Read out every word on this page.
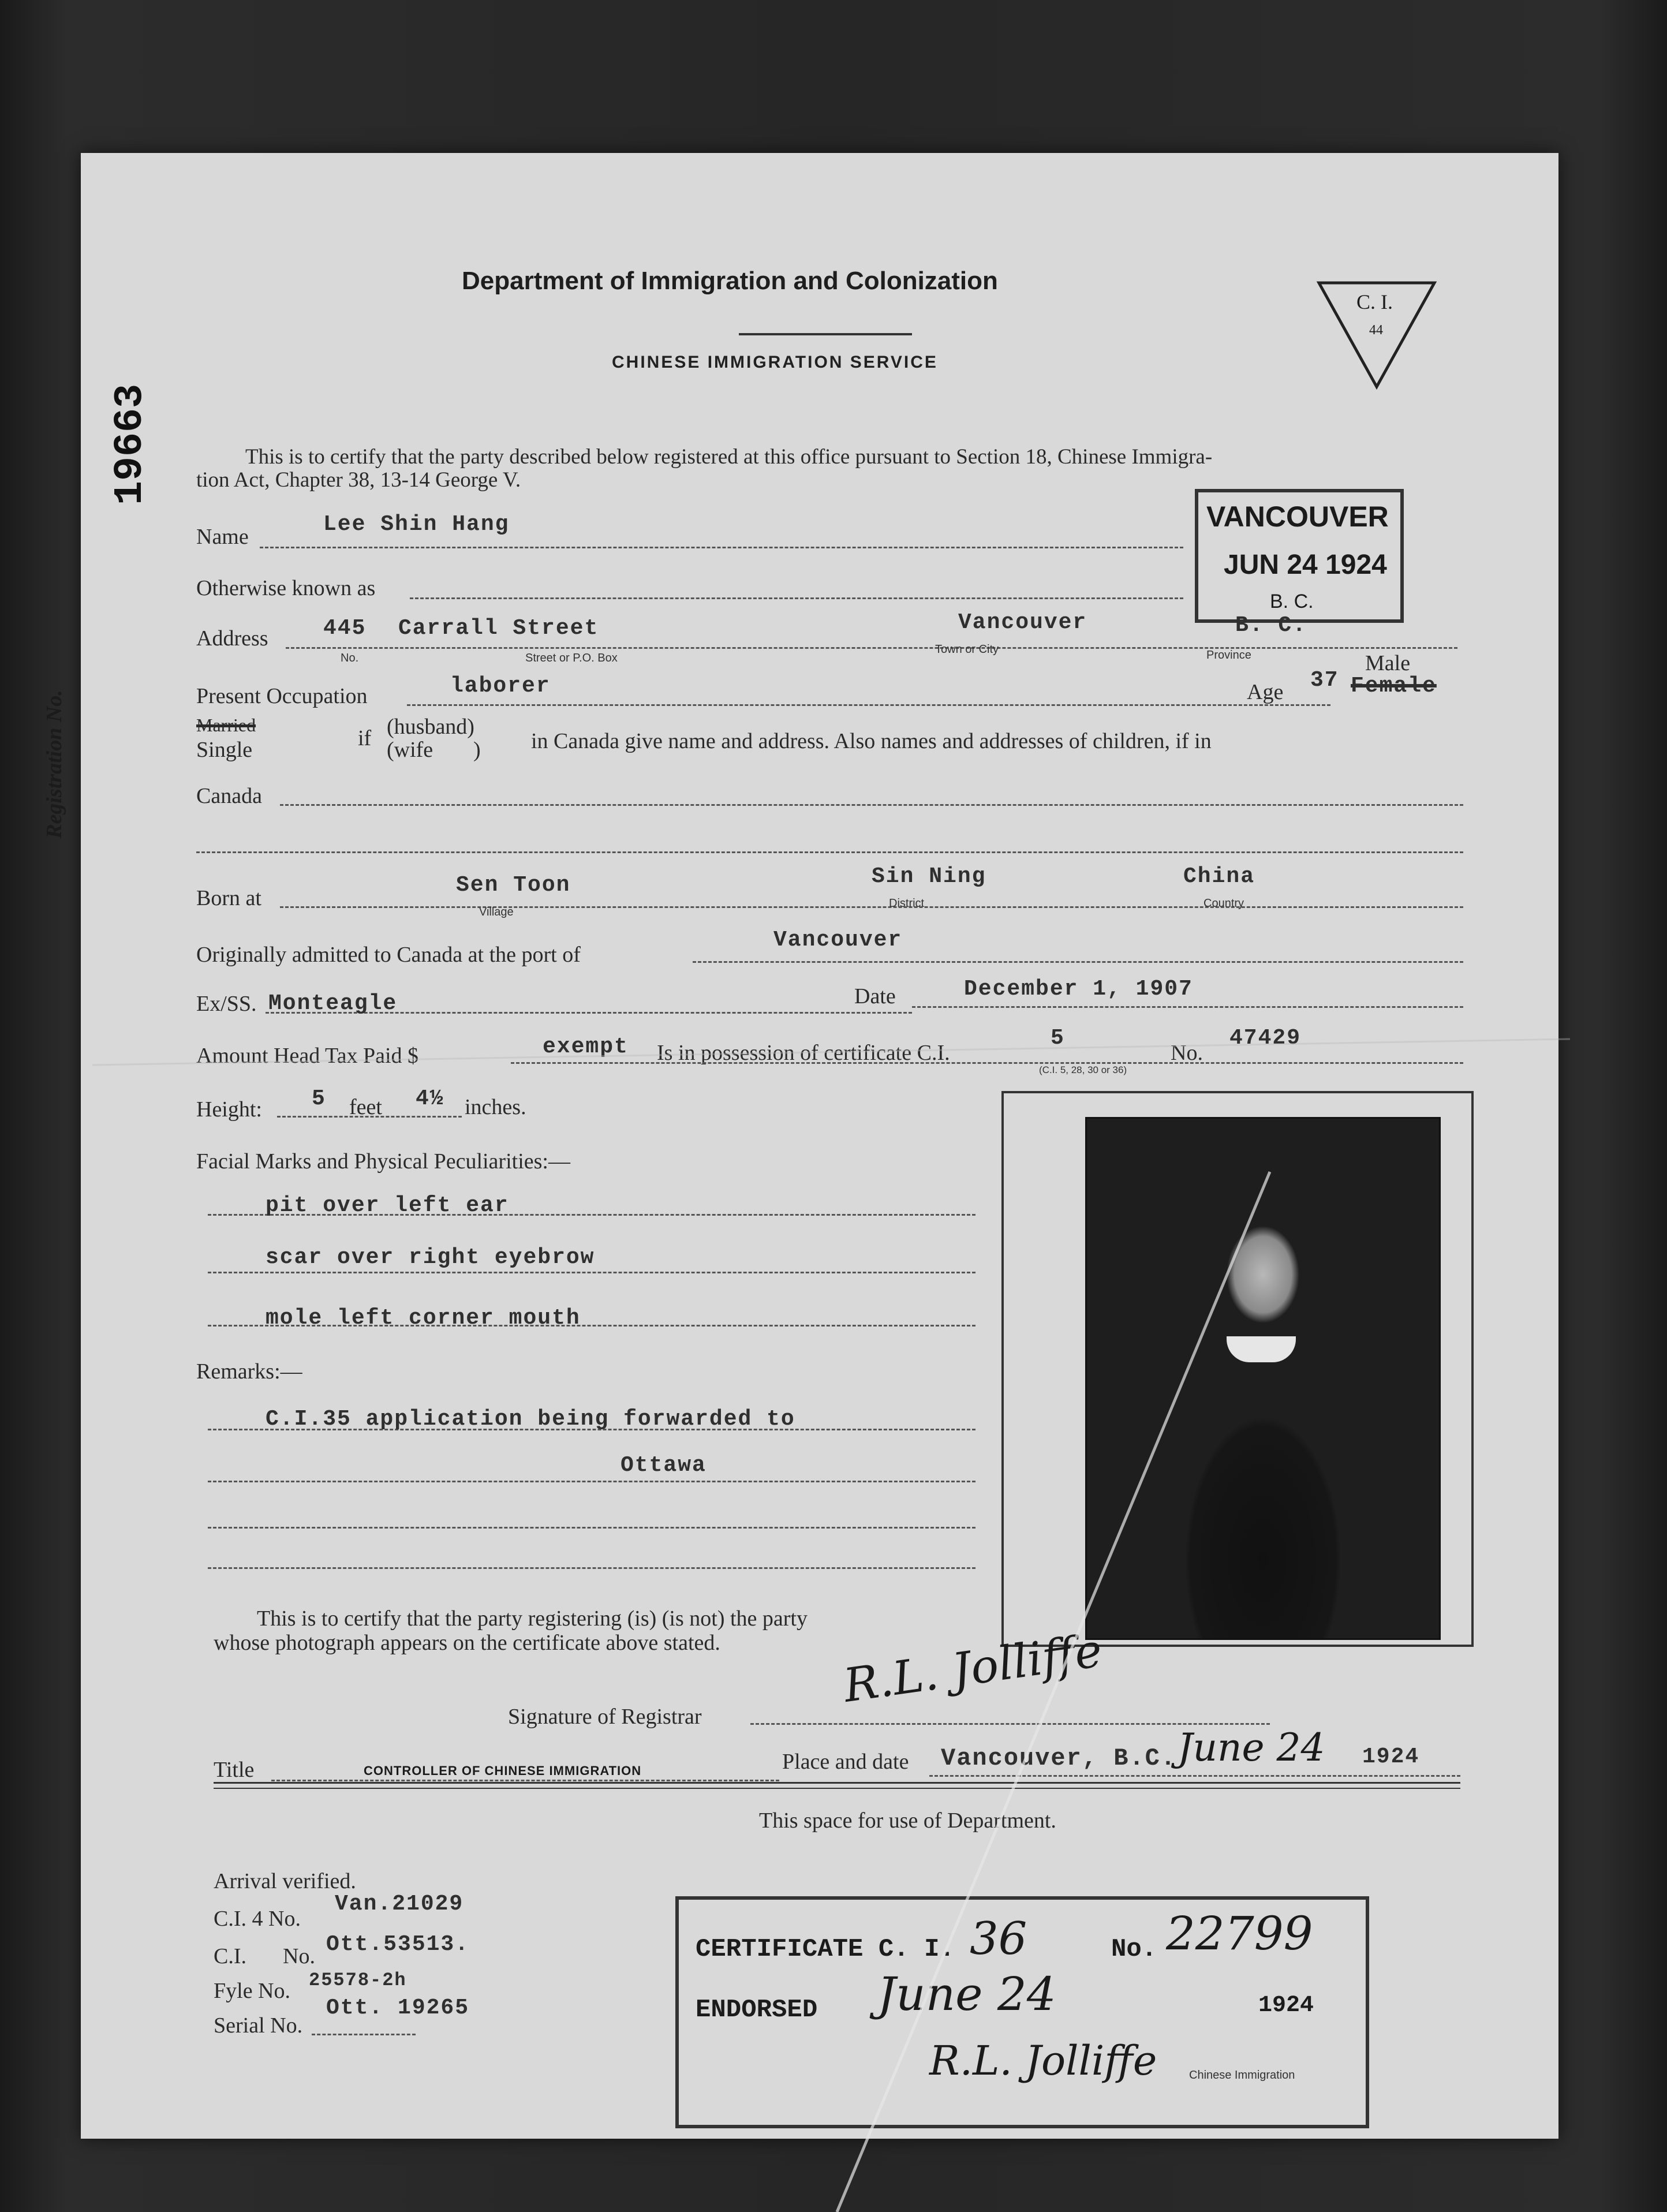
Department of Immigration and Colonization
CHINESE IMMIGRATION SERVICE
C. I.
44
19663
Registration No.
This is to certify that the party described below registered at this office pursuant to Section 18, Chinese Immigra-
tion Act, Chapter 38, 13-14 George V.
VANCOUVER
JUN 24 1924
B. C.
Name	Lee Shin Hang
Otherwise known as
Address	445 Carrall Street	Vancouver	B. C.
No.	Street or P.O. Box
Town or City	Province
Present Occupation	laborer	Age 37
Male
Female
Married
Single	if (husband)
(wife ) in Canada give name and address. Also names and addresses of children, if in
Canada
Born at
Sen Toon	Sin Ning	China
Village
District	Country
Originally admitted to Canada at the port of
Vancouver
Ex/SS. Monteagle	Date	December 1, 1907
Amount Head Tax Paid $	exempt Is in possession of certificate C.I.
5
No.
47429
(C.I. 5, 28, 30 or 36)
Height: 5 feet 4½ inches.
Facial Marks and Physical Peculiarities:—
pit over left ear
scar over right eyebrow
mole left corner mouth
Remarks:—
C.I.35 application being forwarded to
Ottawa
This is to certify that the party registering (is) (is not) the party
whose photograph appears on the certificate above stated.
Signature of Registrar
R.L. Jolliffe
Title	CONTROLLER OF CHINESE IMMIGRATION	Place and date Vancouver, B.C. June 24 1924
This space for use of Department.
Arrival verified.
C.I. 4 No.
Van.21029
C.I. No. Ott.53513.
Fyle No. 25578-2h
Ott. 19265
Serial No.
CERTIFICATE C. I. 36	No. 22799
ENDORSED June 24	1924
R.L. Jolliffe	Chinese Immigration
